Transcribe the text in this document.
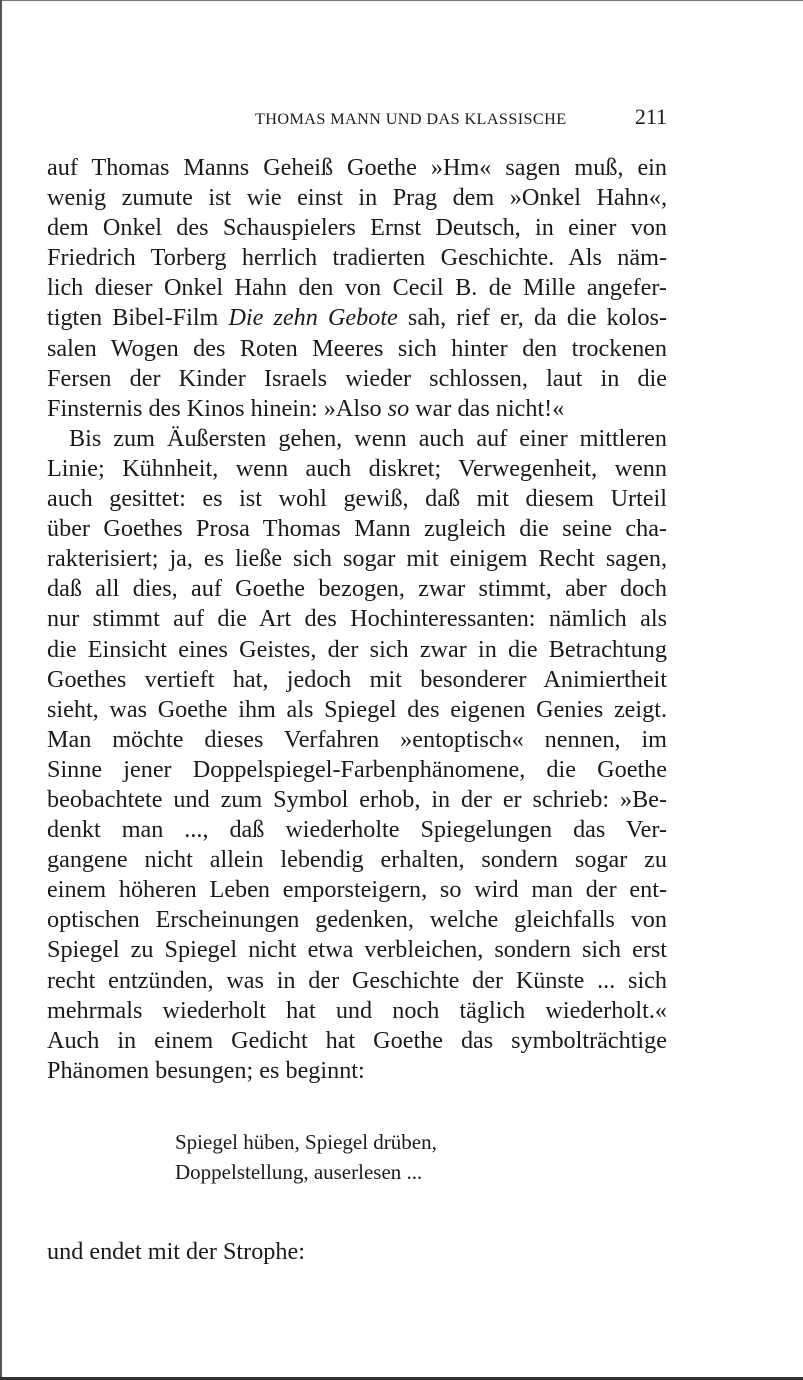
THOMAS MANN UND DAS KLASSISCHE	211
auf Thomas Manns Geheiß Goethe »Hm« sagen muß, ein
wenig zumute ist wie einst in Prag dem »Onkel Hahn«,
dem Onkel des Schauspielers Ernst Deutsch, in einer von
Friedrich Torberg herrlich tradierten Geschichte. Als näm-
lich dieser Onkel Hahn den von Cecil B. de Mille angefer-
tigten Bibel-Film Die zehn Gebote sah, rief er, da die kolos-
salen Wogen des Roten Meeres sich hinter den trockenen
Fersen der Kinder Israels wieder schlossen, laut in die
Finsternis des Kinos hinein: »Also so war das nicht!«
Bis zum Äußersten gehen, wenn auch auf einer mittleren
Linie; Kühnheit, wenn auch diskret; Verwegenheit, wenn
auch gesittet: es ist wohl gewiß, daß mit diesem Urteil
über Goethes Prosa Thomas Mann zugleich die seine cha-
rakterisiert; ja, es ließe sich sogar mit einigem Recht sagen,
daß all dies, auf Goethe bezogen, zwar stimmt, aber doch
nur stimmt auf die Art des Hochinteressanten: nämlich als
die Einsicht eines Geistes, der sich zwar in die Betrachtung
Goethes vertieft hat, jedoch mit besonderer Animiertheit
sieht, was Goethe ihm als Spiegel des eigenen Genies zeigt.
Man möchte dieses Verfahren »entoptisch« nennen, im
Sinne jener Doppelspiegel-Farbenphänomene, die Goethe
beobachtete und zum Symbol erhob, in der er schrieb: »Be-
denkt man ..., daß wiederholte Spiegelungen das Ver-
gangene nicht allein lebendig erhalten, sondern sogar zu
einem höheren Leben emporsteigern, so wird man der ent-
optischen Erscheinungen gedenken, welche gleichfalls von
Spiegel zu Spiegel nicht etwa verbleichen, sondern sich erst
recht entzünden, was in der Geschichte der Künste ... sich
mehrmals wiederholt hat und noch täglich wiederholt.«
Auch in einem Gedicht hat Goethe das symbolträchtige
Phänomen besungen; es beginnt:
Spiegel hüben, Spiegel drüben,
Doppelstellung, auserlesen ...
und endet mit der Strophe:
